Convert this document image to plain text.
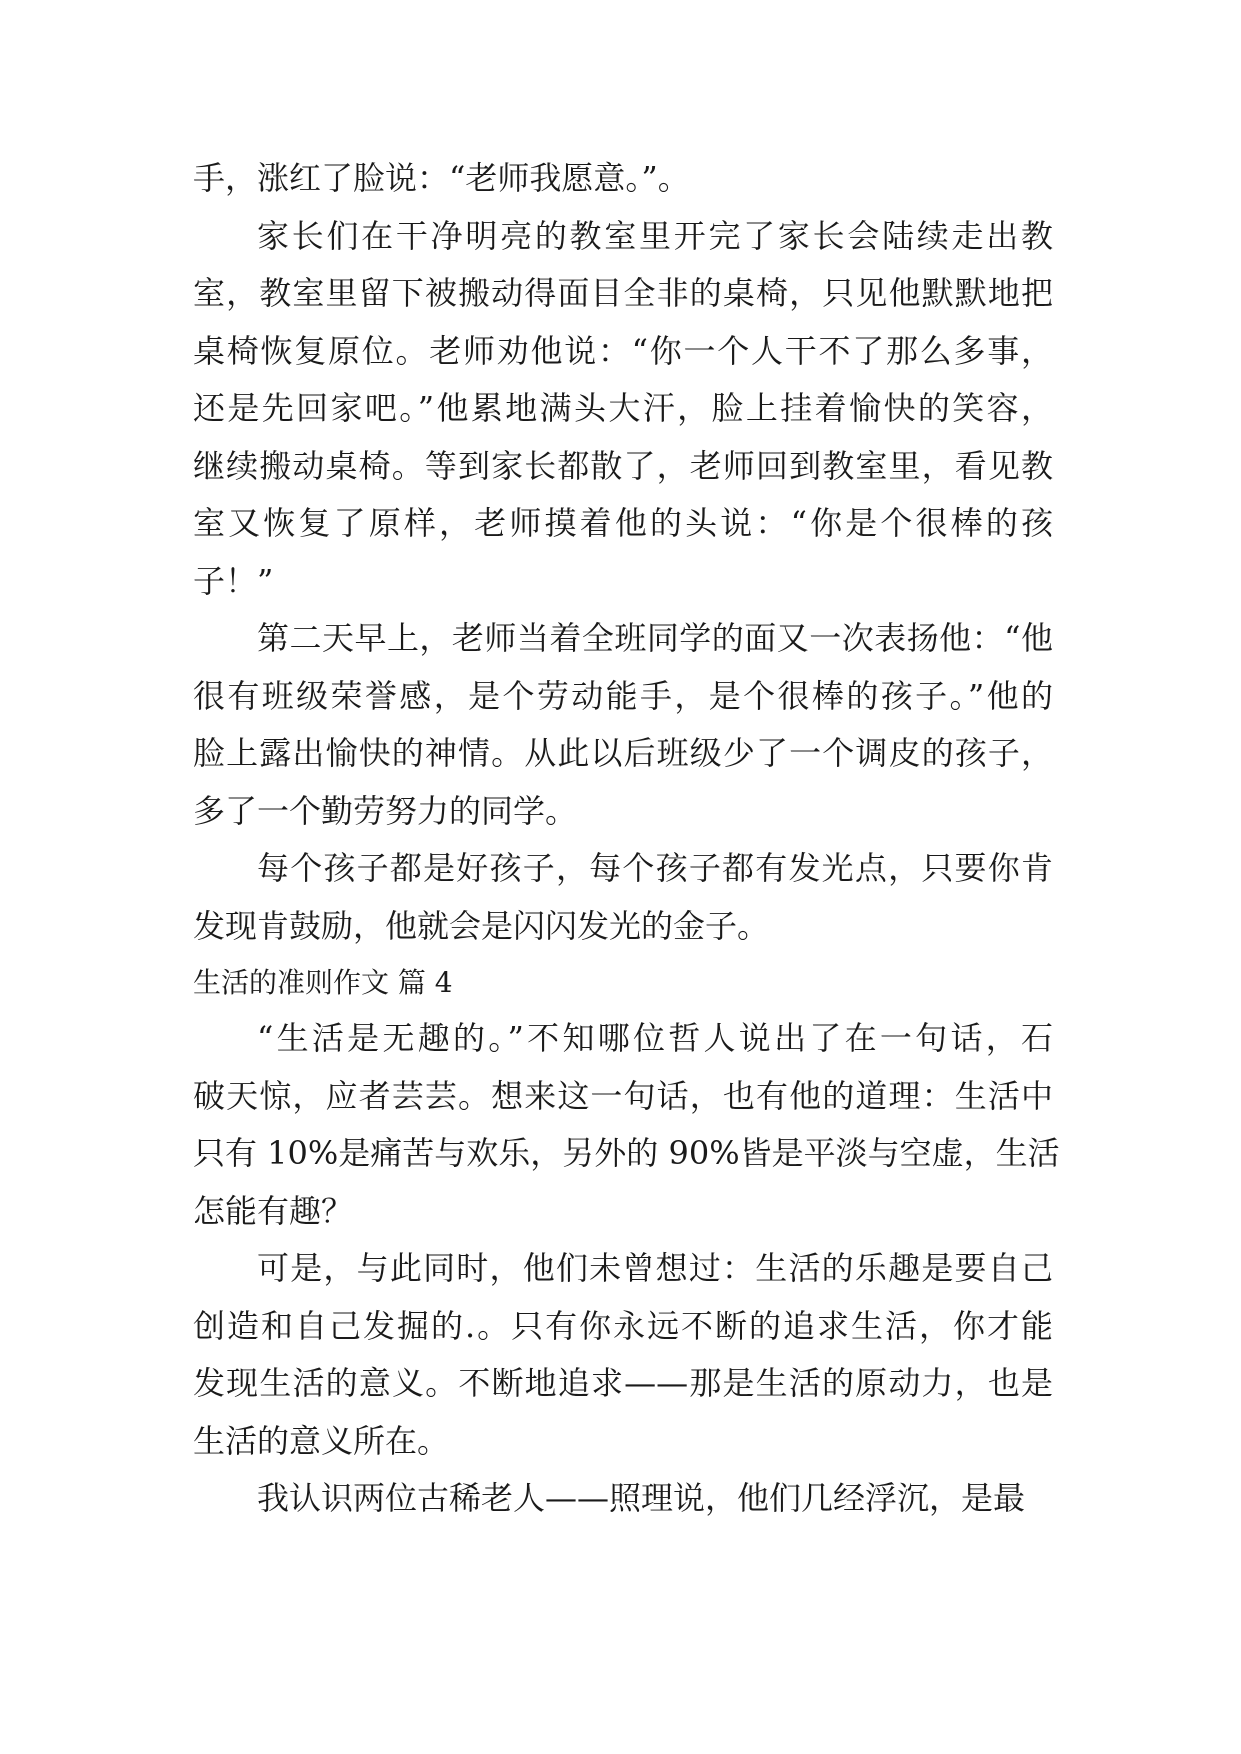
手，涨红了脸说：“老师我愿意。”。
家长们在干净明亮的教室里开完了家长会陆续走出教
室，教室里留下被搬动得面目全非的桌椅，只见他默默地把
桌椅恢复原位。老师劝他说：“你一个人干不了那么多事，
还是先回家吧。”他累地满头大汗，脸上挂着愉快的笑容，
继续搬动桌椅。等到家长都散了，老师回到教室里，看见教
室又恢复了原样，老师摸着他的头说：“你是个很棒的孩
子！”
第二天早上，老师当着全班同学的面又一次表扬他：“他
很有班级荣誉感，是个劳动能手，是个很棒的孩子。”他的
脸上露出愉快的神情。从此以后班级少了一个调皮的孩子，
多了一个勤劳努力的同学。
每个孩子都是好孩子，每个孩子都有发光点，只要你肯
发现肯鼓励，他就会是闪闪发光的金子。
生活的准则作文 篇 4
“生活是无趣的。”不知哪位哲人说出了在一句话，石
破天惊，应者芸芸。想来这一句话，也有他的道理：生活中
只有 10%是痛苦与欢乐，另外的 90%皆是平淡与空虚，生活
怎能有趣？
可是，与此同时，他们未曾想过：生活的乐趣是要自己
创造和自己发掘的.。只有你永远不断的追求生活，你才能
发现生活的意义。不断地追求——那是生活的原动力，也是
生活的意义所在。
我认识两位古稀老人——照理说，他们几经浮沉，是最
